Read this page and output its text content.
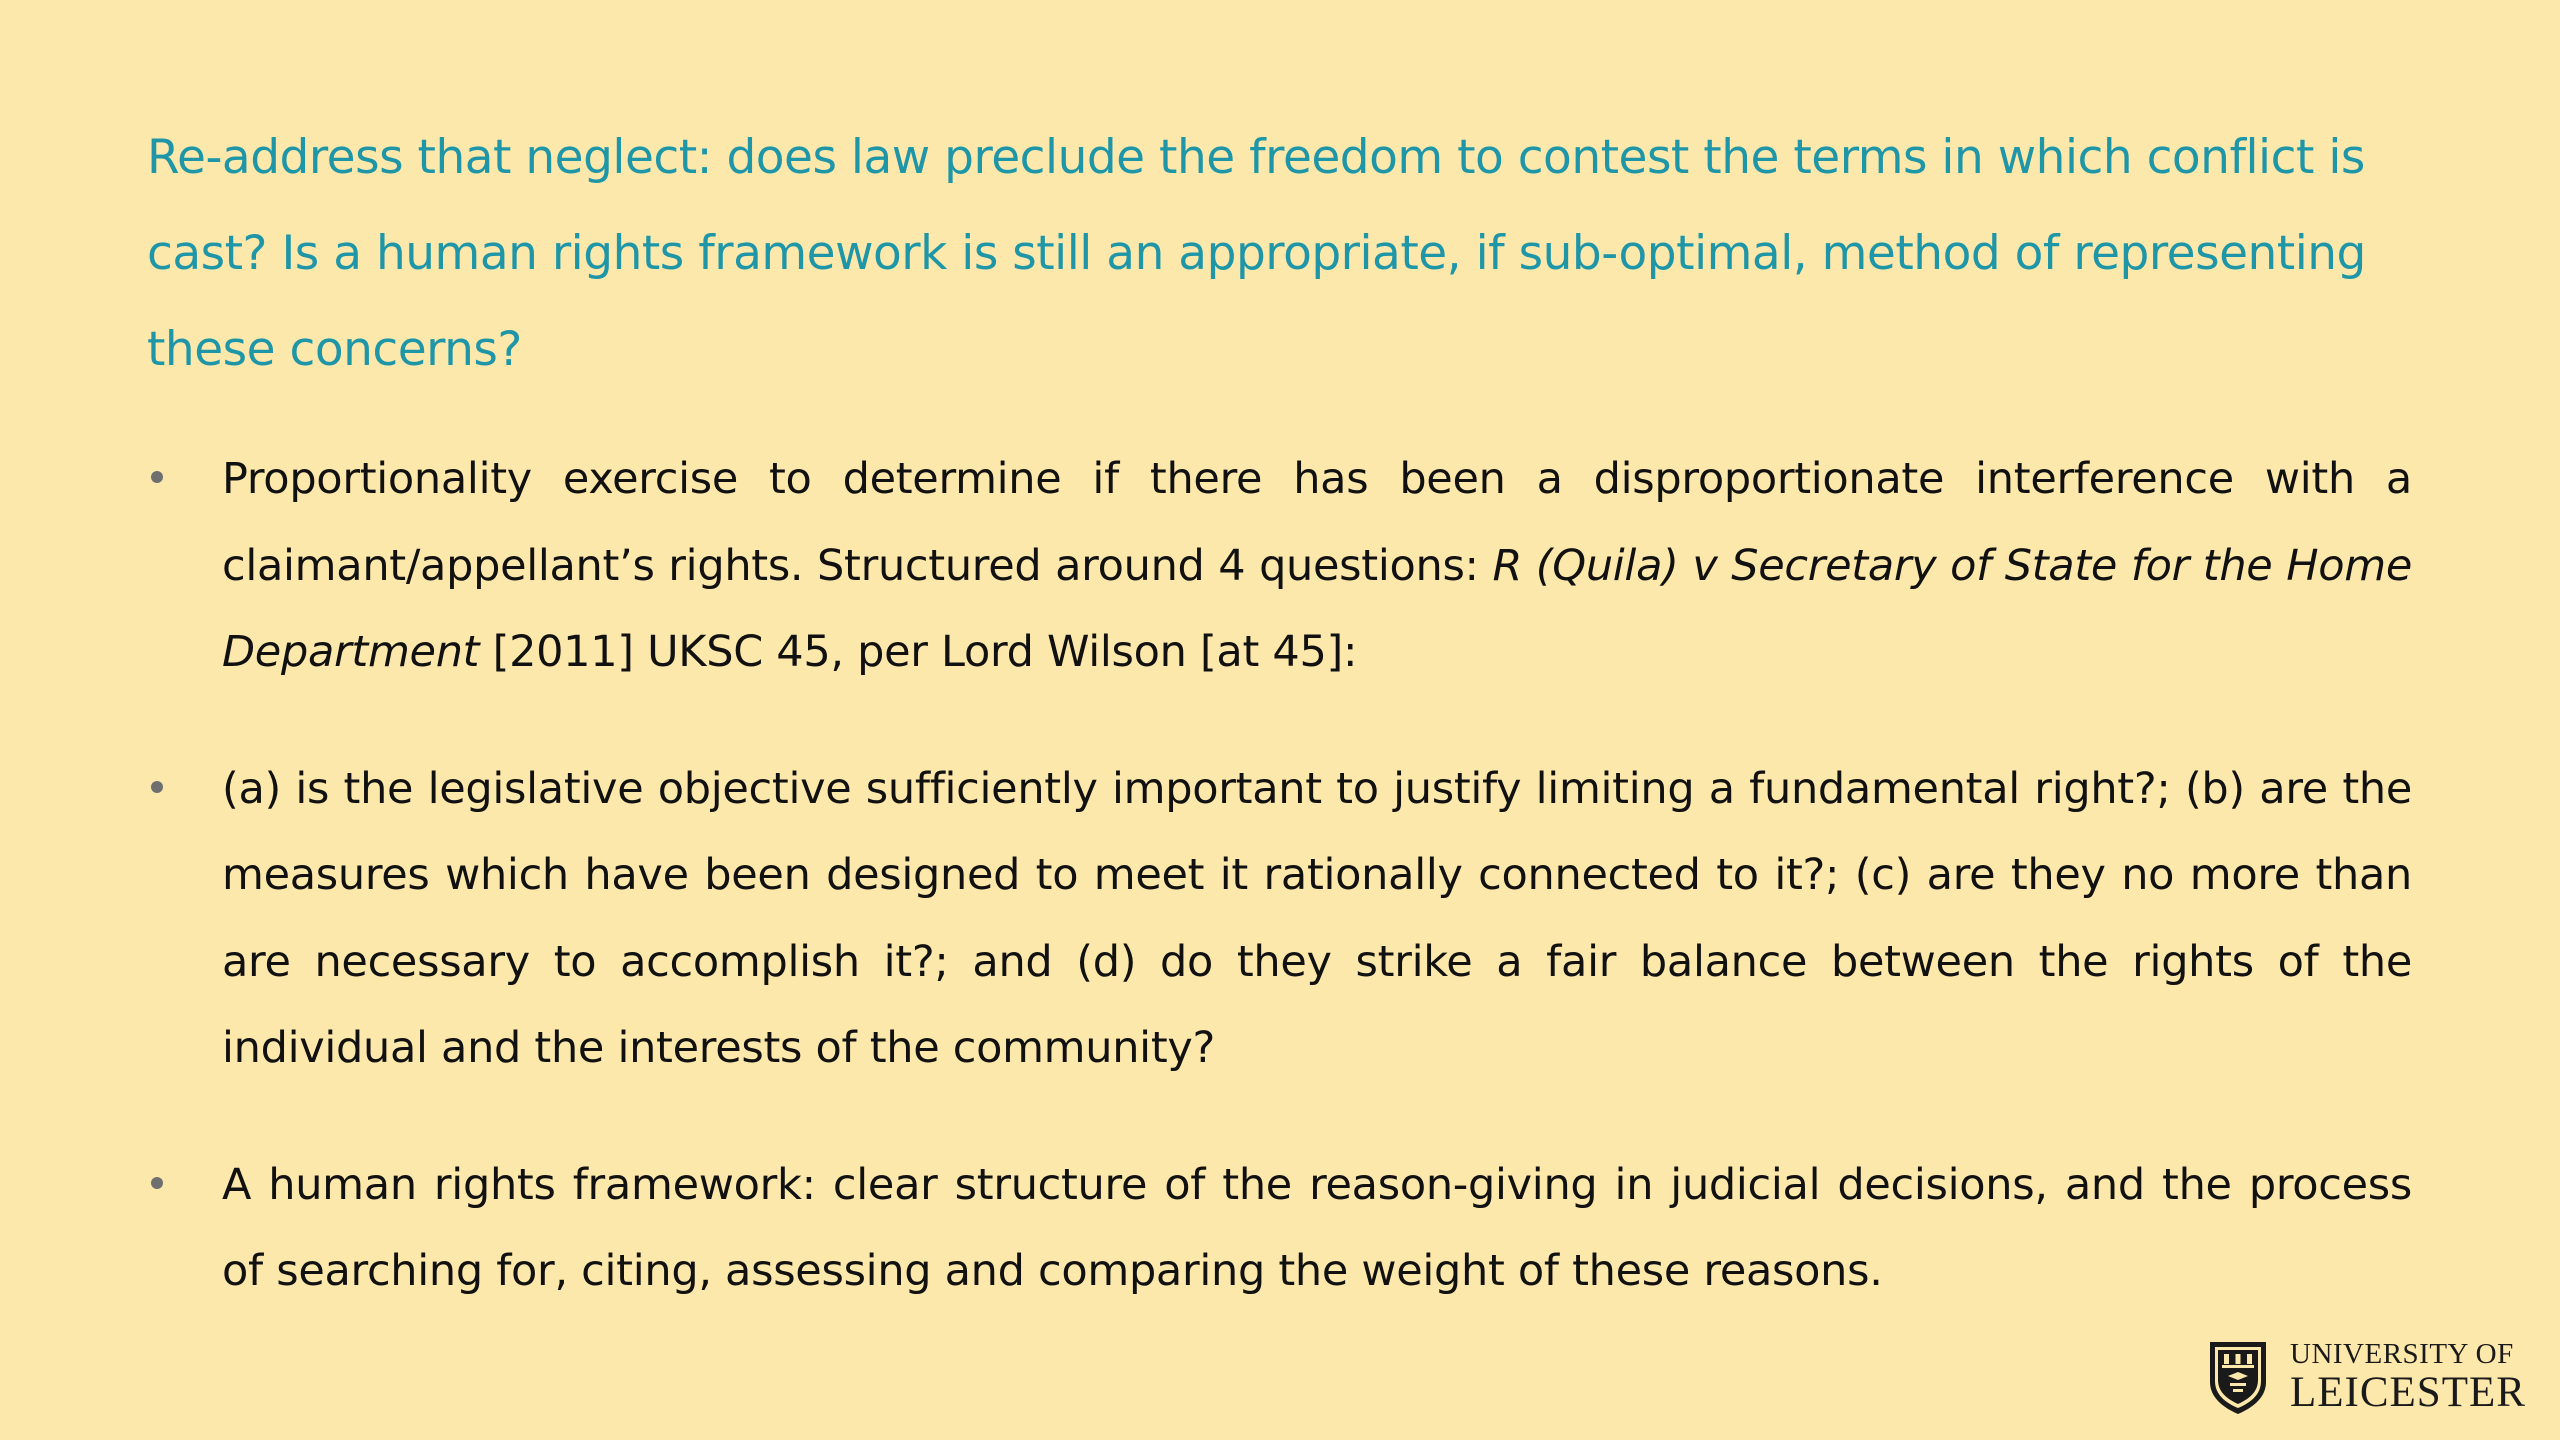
Re-address that neglect: does law preclude the freedom to contest the terms in which conflict is cast? Is a human rights framework is still an appropriate, if sub-optimal, method of representing these concerns?
Proportionality exercise to determine if there has been a disproportionate interference with a claimant/appellant’s rights. Structured around 4 questions: R (Quila) v Secretary of State for the Home Department [2011] UKSC 45, per Lord Wilson [at 45]:
(a) is the legislative objective sufficiently important to justify limiting a fundamental right?; (b) are the measures which have been designed to meet it rationally connected to it?; (c) are they no more than are necessary to accomplish it?; and (d) do they strike a fair balance between the rights of the individual and the interests of the community?
A human rights framework: clear structure of the reason-giving in judicial decisions, and the process of searching for, citing, assessing and comparing the weight of these reasons.
UNIVERSITY OF
LEICESTER
